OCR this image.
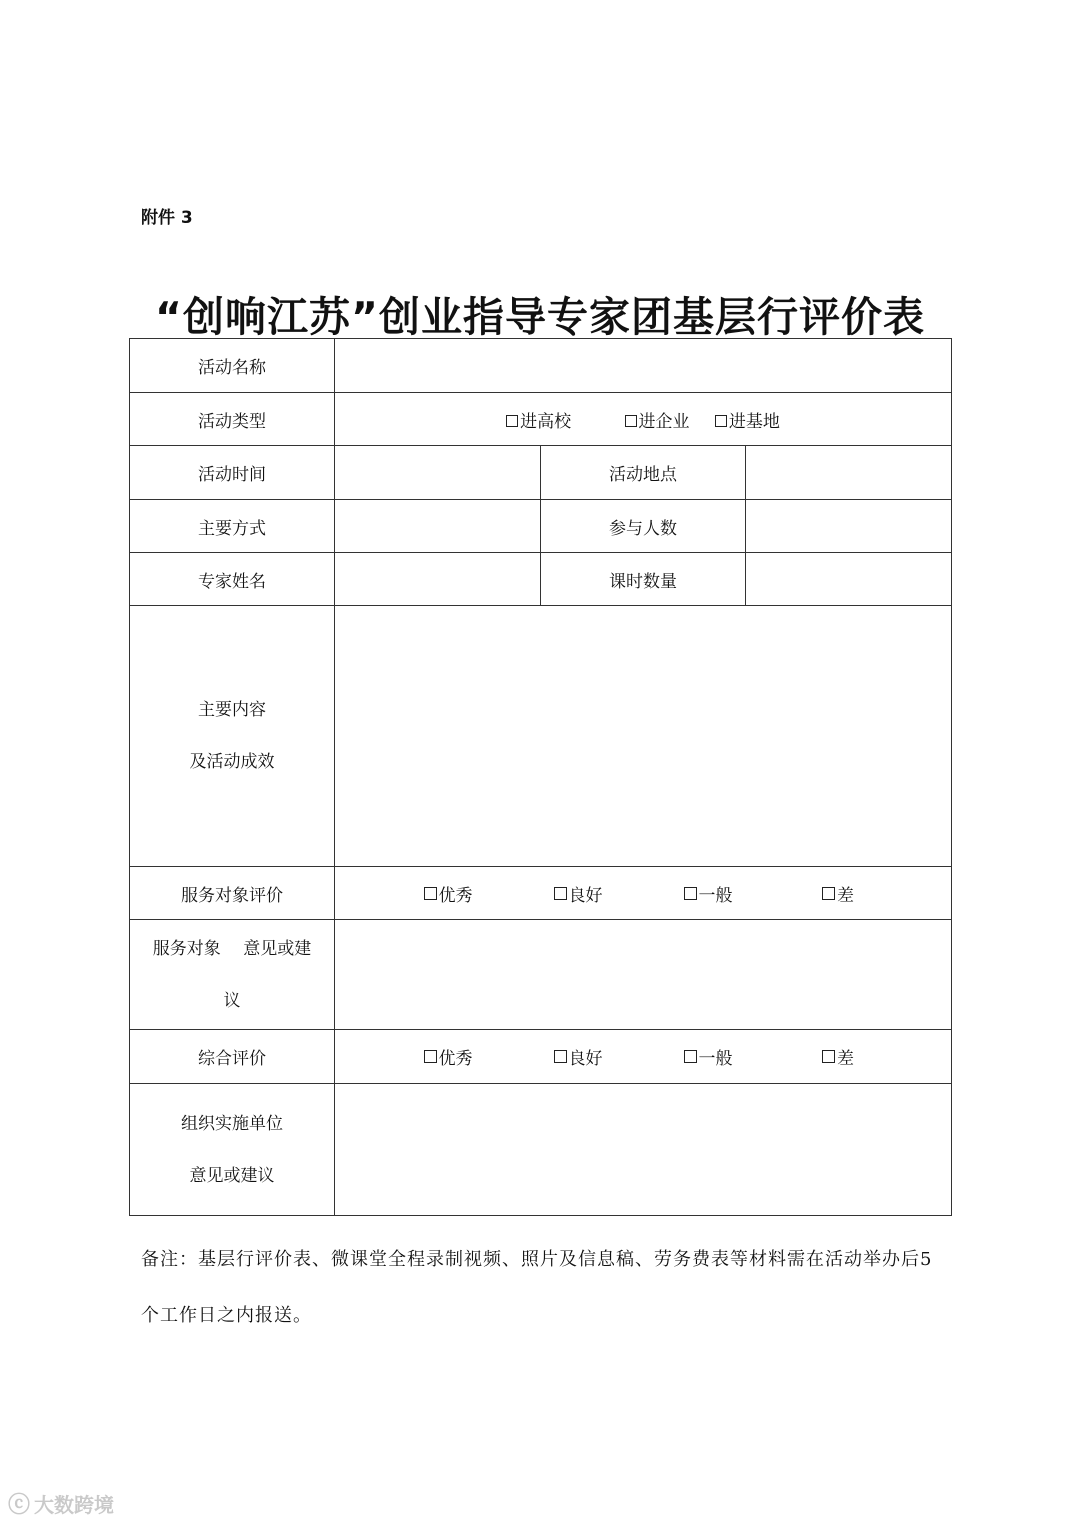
附件 3
“创响江苏”创业指导专家团基层行评价表
活动名称			
活动类型	进高校 进企业 进基地		
活动时间		活动地点	
主要方式		参与人数	
专家姓名		课时数量	

主要内容
及活动成效			

服务对象评价	优秀 良好 一般 差		

服务对象　 意见或建
议			

综合评价	优秀 良好 一般 差		

组织实施单位
意见或建议			

备注：基层行评价表、微课堂全程录制视频、照片及信息稿、劳务费表等材料需在活动举办后5个工作日之内报送。
ⓒ 大数跨境
